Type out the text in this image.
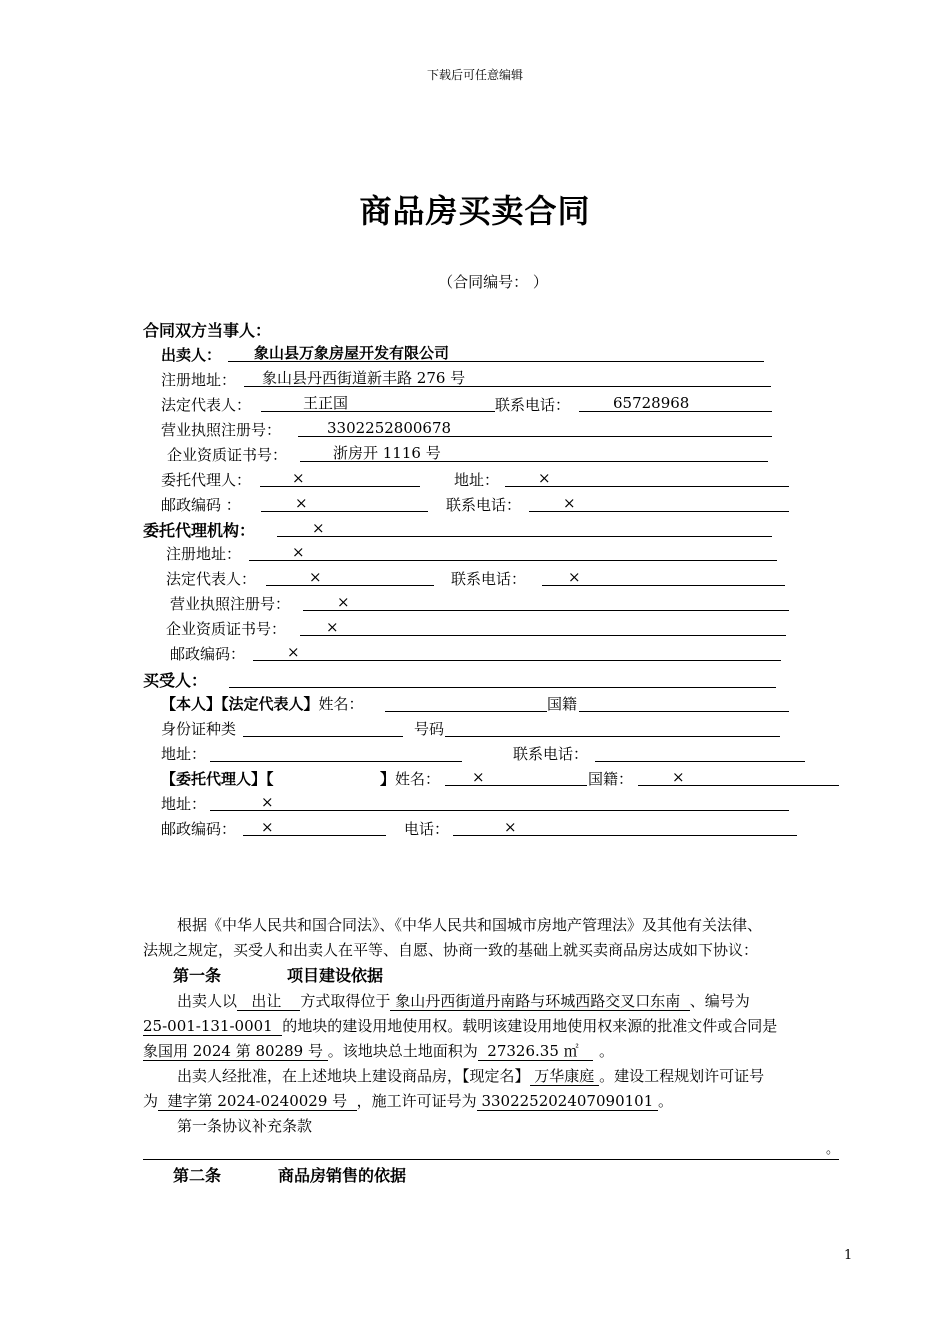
下载后可任意编辑
商品房买卖合同
（合同编号： ）
合同双方当事人：
出卖人：	象山县万象房屋开发有限公司
注册地址：	象山县丹西街道新丰路 276 号
法定代表人：	王正国	联系电话：	65728968
营业执照注册号：	3302252800678
企业资质证书号：	浙房开 1116 号
委托代理人：	×	地址：	×
邮政编码 ：	×	联系电话：	×
委托代理机构：	×
注册地址：	×
法定代表人：	×	联系电话：	×
营业执照注册号：	×
企业资质证书号：	×
邮政编码：	×
买受人：
【本人】【法定代表人】姓名：	国籍
身份证种类	号码
地址：	联系电话：
【委托代理人】【	】姓名：	×	国籍：	×
地址：	×
邮政编码：	×	电话：	×
根据《中华人民共和国合同法》、《中华人民共和国城市房地产管理法》及其他有关法律、
法规之规定，买受人和出卖人在平等、自愿、协商一致的基础上就买卖商品房达成如下协议：
第一条	项目建设依据
出卖人以   出让    方式取得位于 象山丹西街道丹南路与环城西路交叉口东南  、编号为
25-001-131-0001  的地块的建设用地使用权。载明该建设用地使用权来源的批准文件或合同是
象国用 2024 第 80289 号 。该地块总土地面积为  27326.35 ㎡   。
出卖人经批准，在上述地块上建设商品房，【现定名】 万华康庭 。建设工程规划许可证号
为  建字第 2024-0240029 号  ，施工许可证号为 330225202407090101 。
第一条协议补充条款
。
第二条	商品房销售的依据
1
